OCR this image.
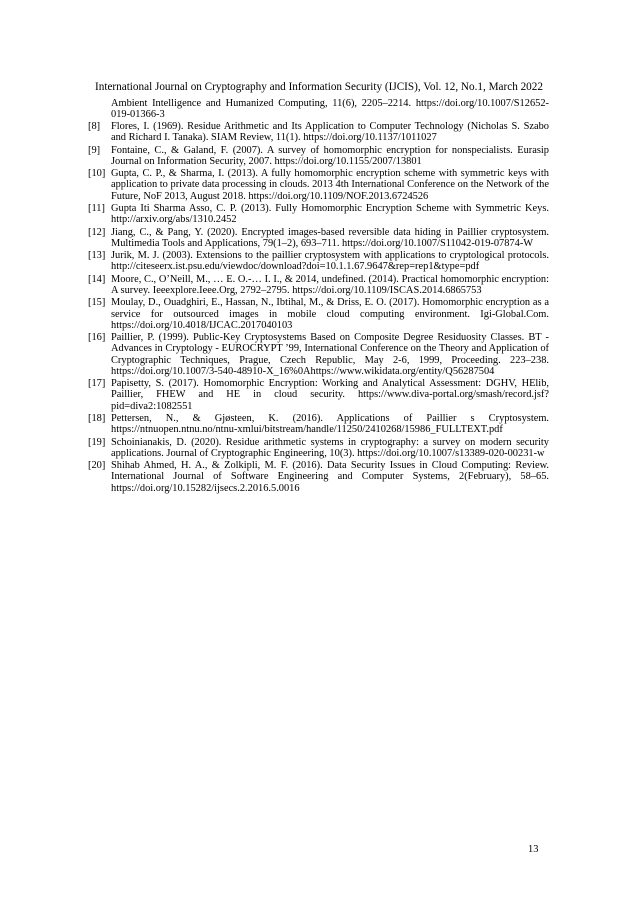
International Journal on Cryptography and Information Security (IJCIS), Vol. 12, No.1, March 2022
Ambient Intelligence and Humanized Computing, 11(6), 2205–2214. https://doi.org/10.1007/S12652-019-01366-3
[8]	Flores, I. (1969). Residue Arithmetic and Its Application to Computer Technology (Nicholas S. Szabo and Richard I. Tanaka). SIAM Review, 11(1). https://doi.org/10.1137/1011027
[9]	Fontaine, C., & Galand, F. (2007). A survey of homomorphic encryption for nonspecialists. Eurasip Journal on Information Security, 2007. https://doi.org/10.1155/2007/13801
[10] Gupta, C. P., & Sharma, I. (2013). A fully homomorphic encryption scheme with symmetric keys with application to private data processing in clouds. 2013 4th International Conference on the Network of the Future, NoF 2013, August 2018. https://doi.org/10.1109/NOF.2013.6724526
[11] Gupta Iti Sharma Asso, C. P. (2013). Fully Homomorphic Encryption Scheme with Symmetric Keys. http://arxiv.org/abs/1310.2452
[12] Jiang, C., & Pang, Y. (2020). Encrypted images-based reversible data hiding in Paillier cryptosystem. Multimedia Tools and Applications, 79(1–2), 693–711. https://doi.org/10.1007/S11042-019-07874-W
[13] Jurik, M. J. (2003). Extensions to the paillier cryptosystem with applications to cryptological protocols. http://citeseerx.ist.psu.edu/viewdoc/download?doi=10.1.1.67.9647&rep=rep1&type=pdf
[14] Moore, C., O’Neill, M., … E. O.-… I. I., & 2014, undefined. (2014). Practical homomorphic encryption: A survey. Ieeexplore.Ieee.Org, 2792–2795. https://doi.org/10.1109/ISCAS.2014.6865753
[15] Moulay, D., Ouadghiri, E., Hassan, N., Ibtihal, M., & Driss, E. O. (2017). Homomorphic encryption as a service for outsourced images in mobile cloud computing environment. Igi-Global.Com. https://doi.org/10.4018/IJCAC.2017040103
[16] Paillier, P. (1999). Public-Key Cryptosystems Based on Composite Degree Residuosity Classes. BT - Advances in Cryptology - EUROCRYPT ’99, International Conference on the Theory and Application of Cryptographic Techniques, Prague, Czech Republic, May 2-6, 1999, Proceeding. 223–238. https://doi.org/10.1007/3-540-48910-X_16%0Ahttps://www.wikidata.org/entity/Q56287504
[17] Papisetty, S. (2017). Homomorphic Encryption: Working and Analytical Assessment: DGHV, HElib, Paillier, FHEW and HE in cloud security. https://www.diva-portal.org/smash/record.jsf?pid=diva2:1082551
[18] Pettersen, N., & Gjøsteen, K. (2016). Applications of Paillier s Cryptosystem. https://ntnuopen.ntnu.no/ntnu-xmlui/bitstream/handle/11250/2410268/15986_FULLTEXT.pdf
[19] Schoinianakis, D. (2020). Residue arithmetic systems in cryptography: a survey on modern security applications. Journal of Cryptographic Engineering, 10(3). https://doi.org/10.1007/s13389-020-00231-w
[20] Shihab Ahmed, H. A., & Zolkipli, M. F. (2016). Data Security Issues in Cloud Computing: Review. International Journal of Software Engineering and Computer Systems, 2(February), 58–65. https://doi.org/10.15282/ijsecs.2.2016.5.0016
13
